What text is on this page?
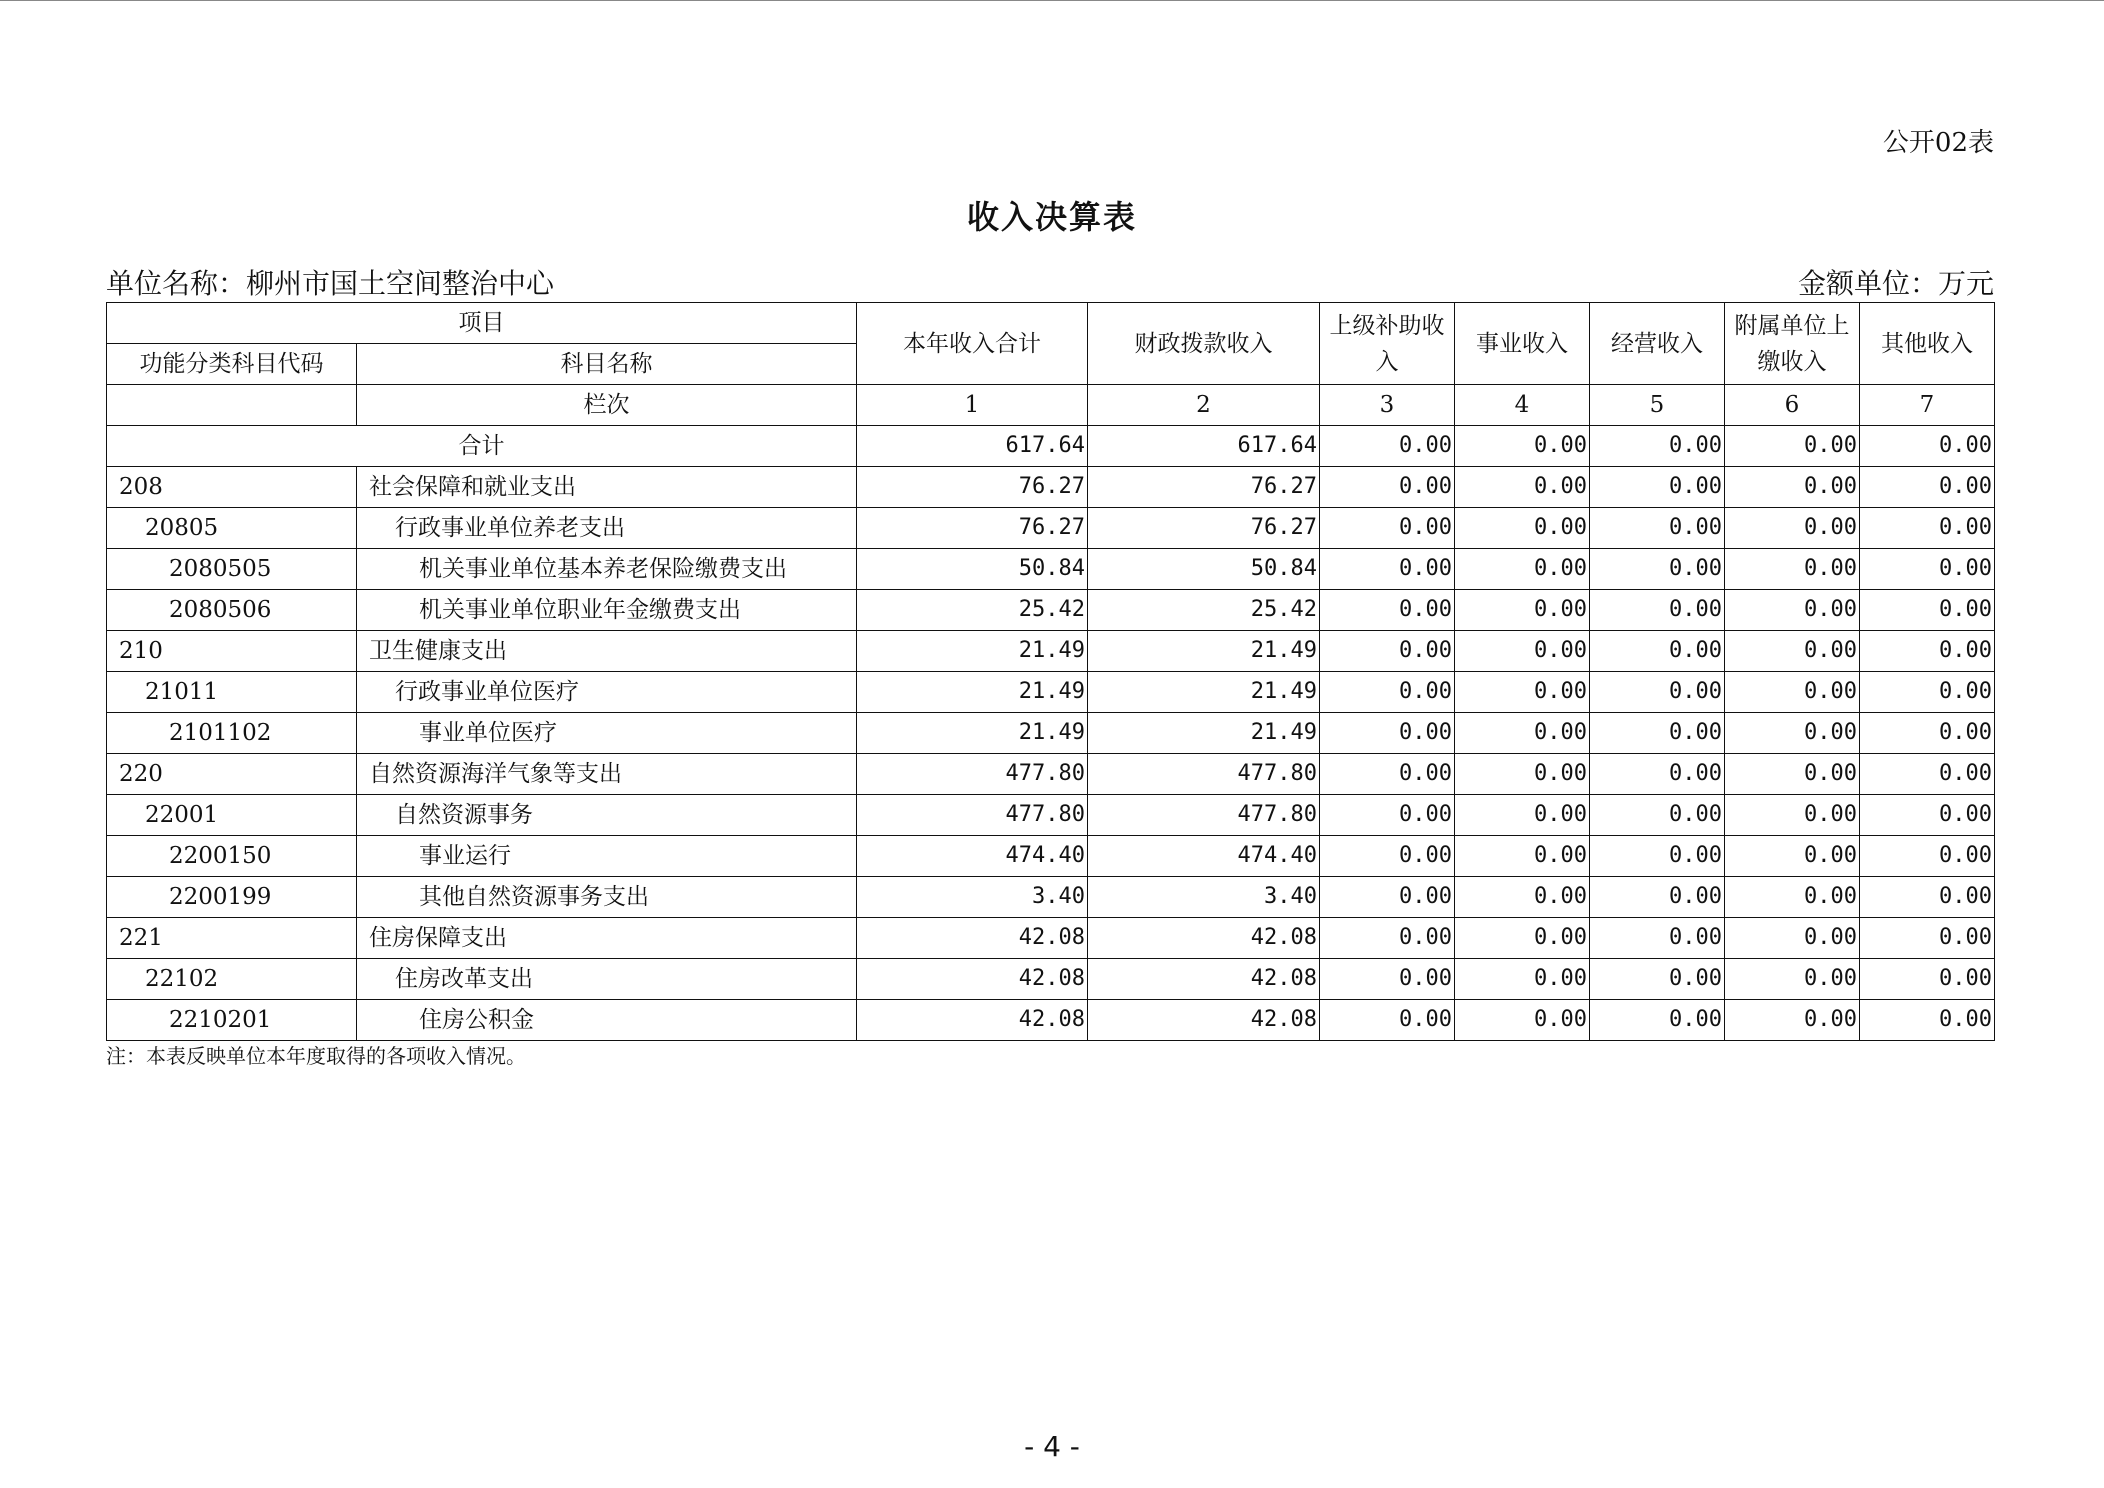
公开02表
收入决算表
单位名称：柳州市国土空间整治中心	金额单位：万元
项目		本年收入合计	财政拨款收入	上级补助收入	事业收入	经营收入	附属单位上缴收入	其他收入
功能分类科目代码	科目名称							
	栏次	1	2	3	4	5	6	7
合计		617.64	617.64	0.00	0.00	0.00	0.00	0.00
208	社会保障和就业支出	76.27	76.27	0.00	0.00	0.00	0.00	0.00
20805	行政事业单位养老支出	76.27	76.27	0.00	0.00	0.00	0.00	0.00
2080505	机关事业单位基本养老保险缴费支出	50.84	50.84	0.00	0.00	0.00	0.00	0.00
2080506	机关事业单位职业年金缴费支出	25.42	25.42	0.00	0.00	0.00	0.00	0.00
210	卫生健康支出	21.49	21.49	0.00	0.00	0.00	0.00	0.00
21011	行政事业单位医疗	21.49	21.49	0.00	0.00	0.00	0.00	0.00
2101102	事业单位医疗	21.49	21.49	0.00	0.00	0.00	0.00	0.00
220	自然资源海洋气象等支出	477.80	477.80	0.00	0.00	0.00	0.00	0.00
22001	自然资源事务	477.80	477.80	0.00	0.00	0.00	0.00	0.00
2200150	事业运行	474.40	474.40	0.00	0.00	0.00	0.00	0.00
2200199	其他自然资源事务支出	3.40	3.40	0.00	0.00	0.00	0.00	0.00
221	住房保障支出	42.08	42.08	0.00	0.00	0.00	0.00	0.00
22102	住房改革支出	42.08	42.08	0.00	0.00	0.00	0.00	0.00
2210201	住房公积金	42.08	42.08	0.00	0.00	0.00	0.00	0.00
注：本表反映单位本年度取得的各项收入情况。
- 4 -
